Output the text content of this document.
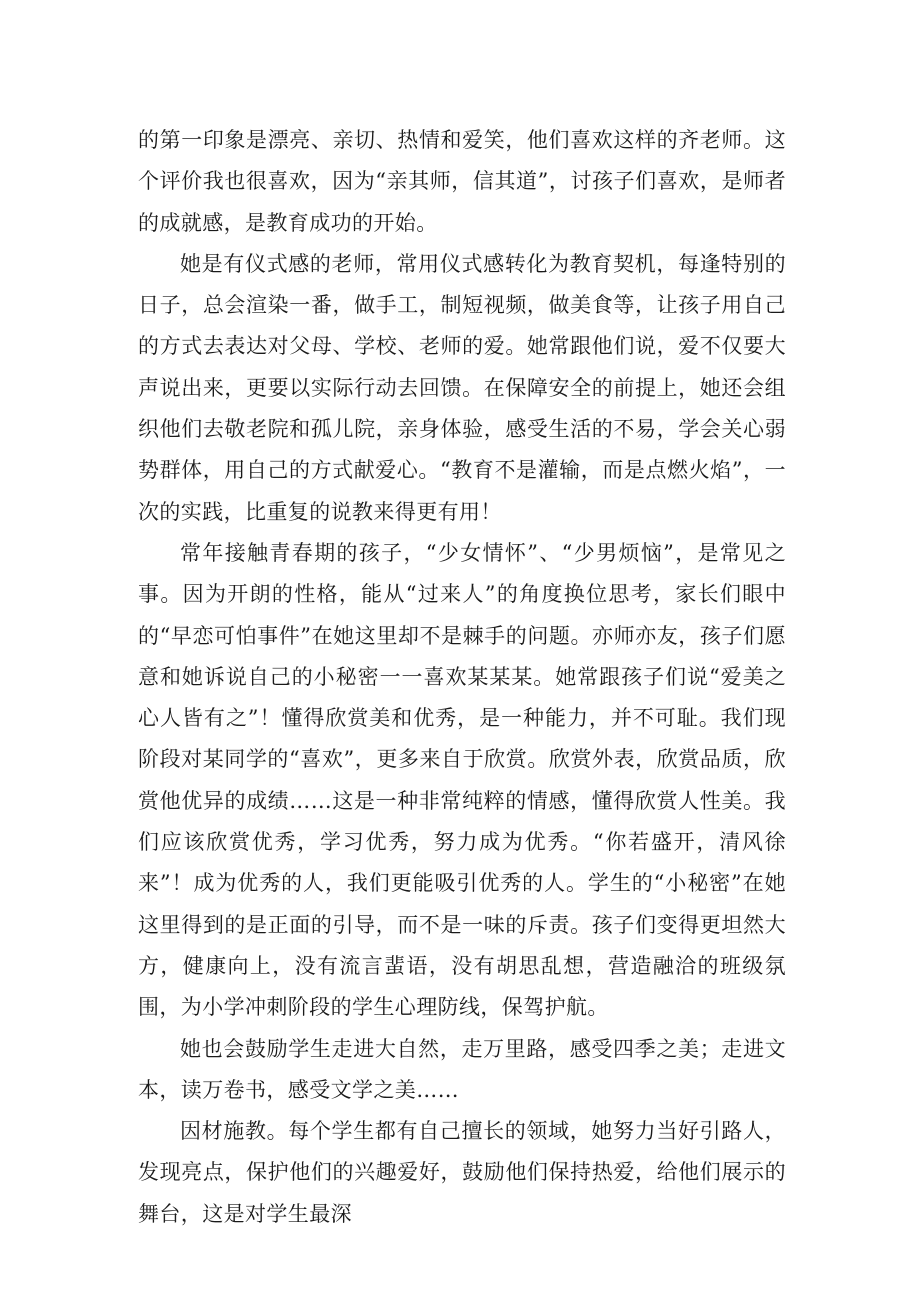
的第一印象是漂亮、亲切、热情和爱笑，他们喜欢这样的齐老师。这个评价我也很喜欢，因为“亲其师，信其道”，讨孩子们喜欢，是师者的成就感，是教育成功的开始。

她是有仪式感的老师，常用仪式感转化为教育契机，每逢特别的日子，总会渲染一番，做手工，制短视频，做美食等，让孩子用自己的方式去表达对父母、学校、老师的爱。她常跟他们说，爱不仅要大声说出来，更要以实际行动去回馈。在保障安全的前提上，她还会组织他们去敬老院和孤儿院，亲身体验，感受生活的不易，学会关心弱势群体，用自己的方式献爱心。“教育不是灌输，而是点燃火焰”，一次的实践，比重复的说教来得更有用！

常年接触青春期的孩子，“少女情怀”、“少男烦恼”，是常见之事。因为开朗的性格，能从“过来人”的角度换位思考，家长们眼中的“早恋可怕事件”在她这里却不是棘手的问题。亦师亦友，孩子们愿意和她诉说自己的小秘密一一喜欢某某某。她常跟孩子们说“爱美之心人皆有之”！懂得欣赏美和优秀，是一种能力，并不可耻。我们现阶段对某同学的“喜欢”，更多来自于欣赏。欣赏外表，欣赏品质，欣赏他优异的成绩……这是一种非常纯粹的情感，懂得欣赏人性美。我们应该欣赏优秀，学习优秀，努力成为优秀。“你若盛开，清风徐来”！成为优秀的人，我们更能吸引优秀的人。学生的“小秘密”在她这里得到的是正面的引导，而不是一味的斥责。孩子们变得更坦然大方，健康向上，没有流言蜚语，没有胡思乱想，营造融洽的班级氛围，为小学冲刺阶段的学生心理防线，保驾护航。

她也会鼓励学生走进大自然，走万里路，感受四季之美；走进文本，读万卷书，感受文学之美……

因材施教。每个学生都有自己擅长的领域，她努力当好引路人，发现亮点，保护他们的兴趣爱好，鼓励他们保持热爱，给他们展示的舞台，这是对学生最深
